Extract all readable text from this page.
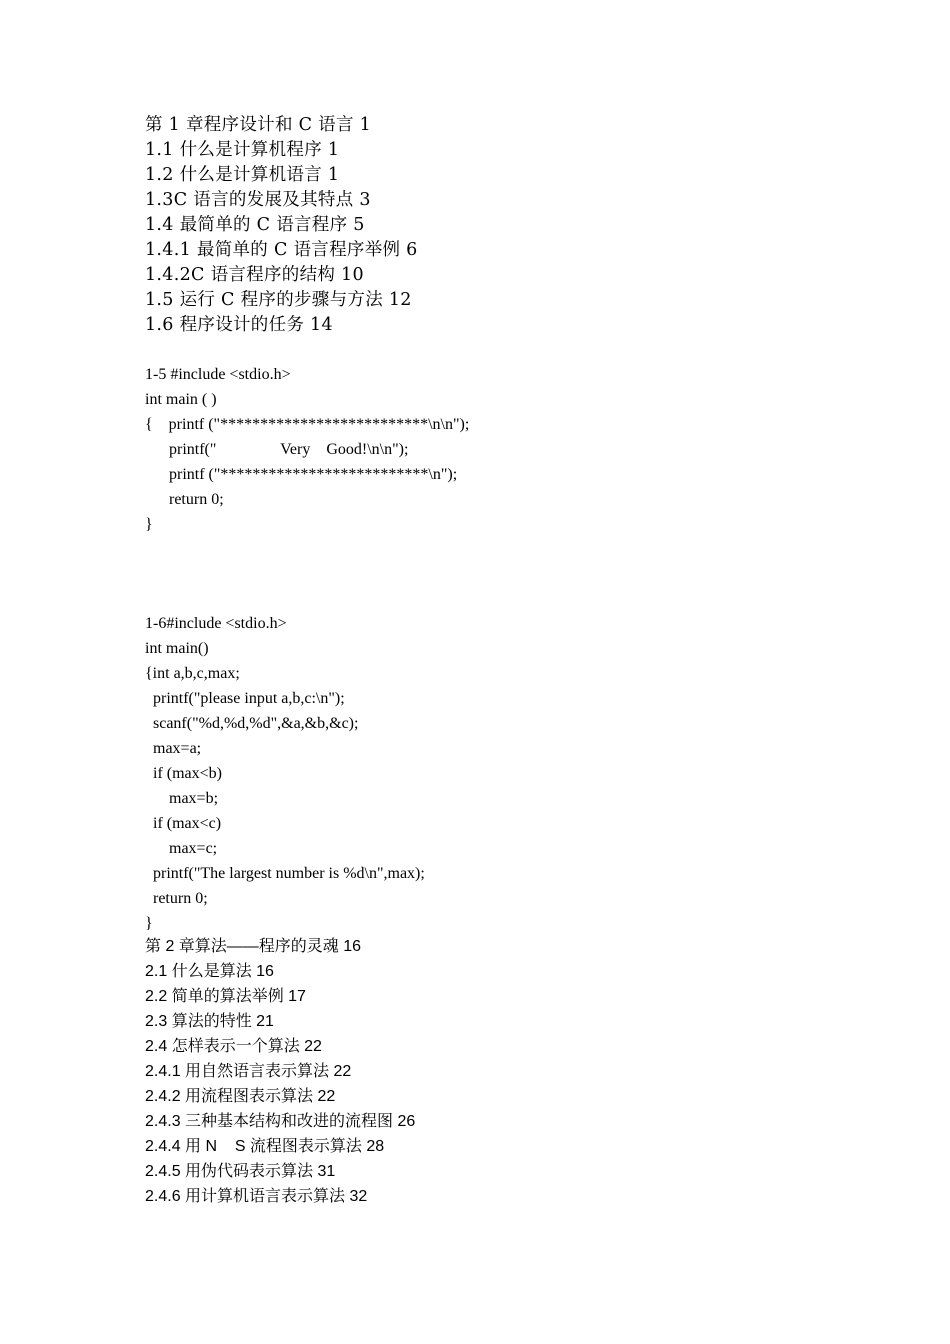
第 1 章程序设计和 C 语言 1
1.1 什么是计算机程序 1
1.2 什么是计算机语言 1
1.3C 语言的发展及其特点 3
1.4 最简单的 C 语言程序 5
1.4.1 最简单的 C 语言程序举例 6
1.4.2C 语言程序的结构 10
1.5 运行 C 程序的步骤与方法 12
1.6 程序设计的任务 14
1-5 #include <stdio.h>
int main ( )
{    printf ("**************************\n\n");
printf("                Very    Good!\n\n");
printf ("**************************\n");
return 0;
}
1-6#include <stdio.h>
int main()
{int a,b,c,max;
printf("please input a,b,c:\n");
scanf("%d,%d,%d",&a,&b,&c);
max=a;
if (max<b)
max=b;
if (max<c)
max=c;
printf("The largest number is %d\n",max);
return 0;
}
第 2 章算法——程序的灵魂 16
2.1 什么是算法 16
2.2 简单的算法举例 17
2.3 算法的特性 21
2.4 怎样表示一个算法 22
2.4.1 用自然语言表示算法 22
2.4.2 用流程图表示算法 22
2.4.3 三种基本结构和改进的流程图 26
2.4.4 用 N    S 流程图表示算法 28
2.4.5 用伪代码表示算法 31
2.4.6 用计算机语言表示算法 32
